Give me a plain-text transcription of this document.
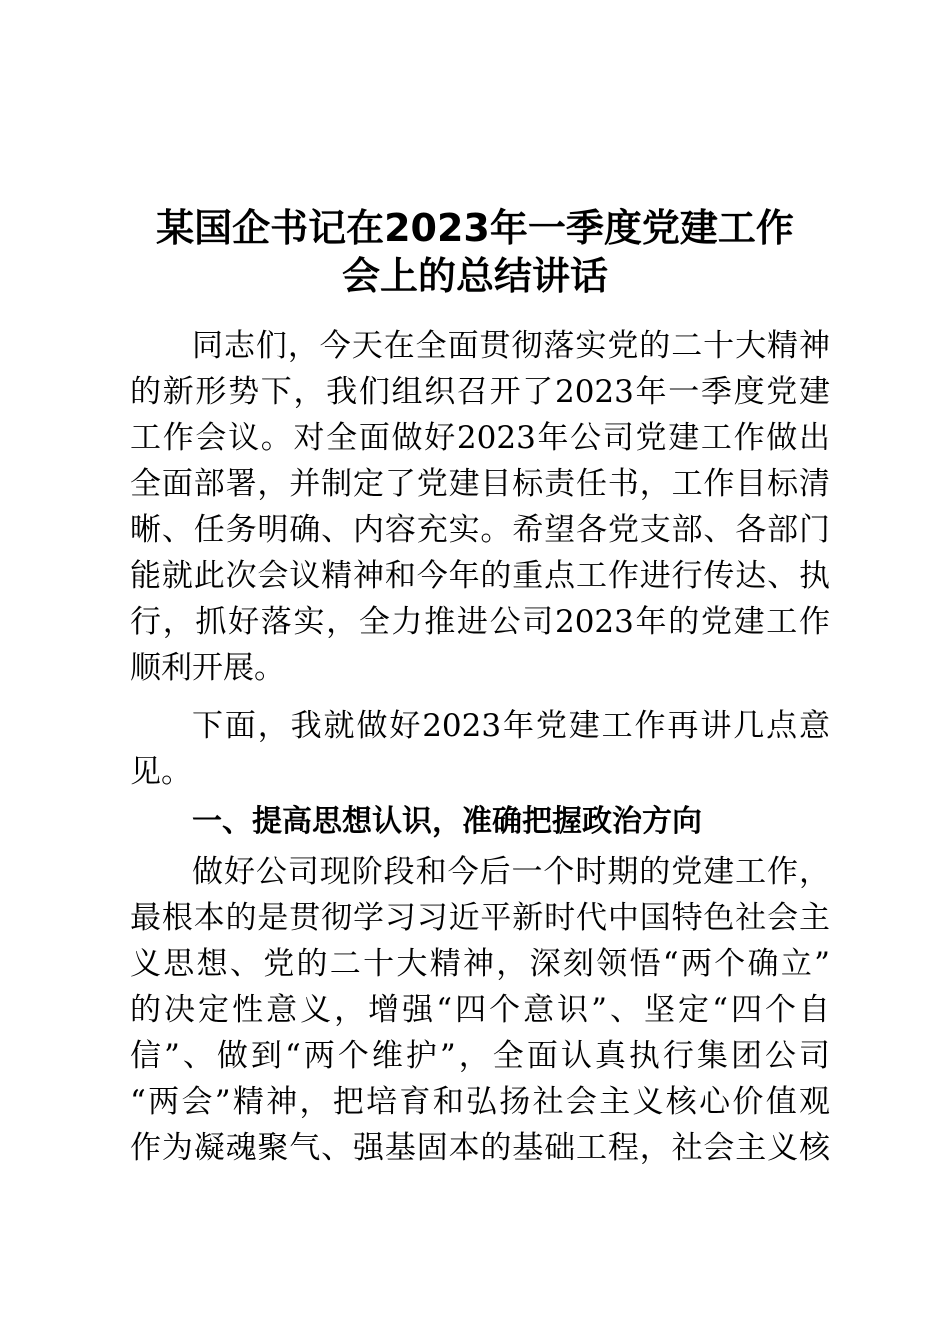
某国企书记在2023年一季度党建工作
会上的总结讲话
同志们，今天在全面贯彻落实党的二十大精神
的新形势下，我们组织召开了2023年一季度党建
工作会议。对全面做好2023年公司党建工作做出
全面部署，并制定了党建目标责任书，工作目标清
晰、任务明确、内容充实。希望各党支部、各部门
能就此次会议精神和今年的重点工作进行传达、执
行，抓好落实，全力推进公司2023年的党建工作
顺利开展。
下面，我就做好2023年党建工作再讲几点意
见。
一、提高思想认识，准确把握政治方向
做好公司现阶段和今后一个时期的党建工作，
最根本的是贯彻学习习近平新时代中国特色社会主
义思想、党的二十大精神，深刻领悟“两个确立”
的决定性意义，增强“四个意识”、坚定“四个自
信”、做到“两个维护”，全面认真执行集团公司
“两会”精神，把培育和弘扬社会主义核心价值观
作为凝魂聚气、强基固本的基础工程，社会主义核
